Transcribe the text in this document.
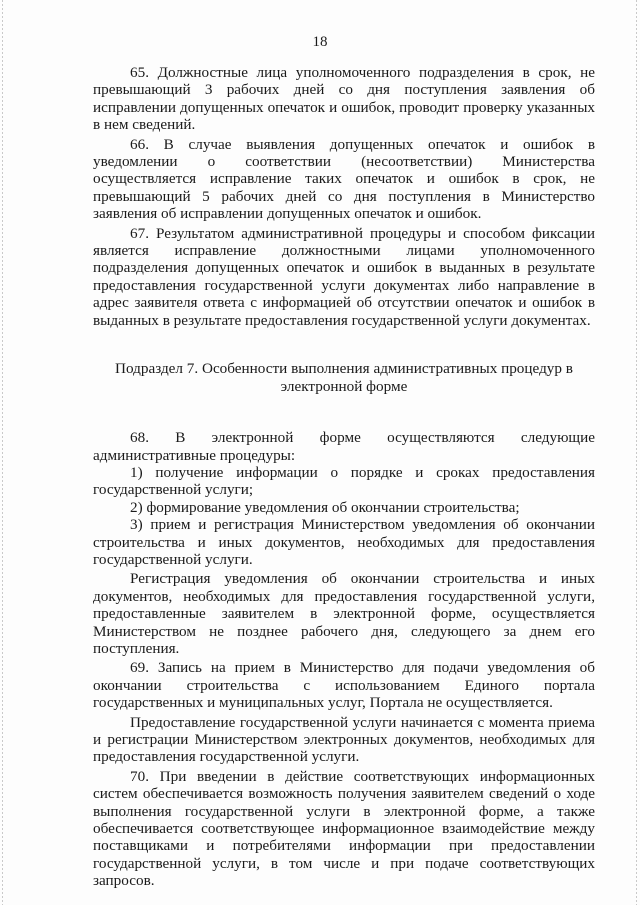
18

65. Должностные лица уполномоченного подразделения в срок, не превышающий 3 рабочих дней со дня поступления заявления об исправлении допущенных опечаток и ошибок, проводит проверку указанных в нем сведений.

66. В случае выявления допущенных опечаток и ошибок в уведомлении о соответствии (несоответствии) Министерства осуществляется исправление таких опечаток и ошибок в срок, не превышающий 5 рабочих дней со дня поступления в Министерство заявления об исправлении допущенных опечаток и ошибок.

67. Результатом административной процедуры и способом фиксации является исправление должностными лицами уполномоченного подразделения допущенных опечаток и ошибок в выданных в результате предоставления государственной услуги документах либо направление в адрес заявителя ответа с информацией об отсутствии опечаток и ошибок в выданных в результате предоставления государственной услуги документах.

Подраздел 7. Особенности выполнения административных процедур в
электронной форме

68. В электронной форме осуществляются следующие административные процедуры:

1) получение информации о порядке и сроках предоставления государственной услуги;

2) формирование уведомления об окончании строительства;

3) прием и регистрация Министерством уведомления об окончании строительства и иных документов, необходимых для предоставления государственной услуги.

Регистрация уведомления об окончании строительства и иных документов, необходимых для предоставления государственной услуги, предоставленные заявителем в электронной форме, осуществляется Министерством не позднее рабочего дня, следующего за днем его поступления.

69. Запись на прием в Министерство для подачи уведомления об окончании строительства с использованием Единого портала государственных и муниципальных услуг, Портала не осуществляется.

Предоставление государственной услуги начинается с момента приема и регистрации Министерством электронных документов, необходимых для предоставления государственной услуги.

70. При введении в действие соответствующих информационных систем обеспечивается возможность получения заявителем сведений о ходе выполнения государственной услуги в электронной форме, а также обеспечивается соответствующее информационное взаимодействие между поставщиками и потребителями информации при предоставлении государственной услуги, в том числе и при подаче соответствующих запросов.
